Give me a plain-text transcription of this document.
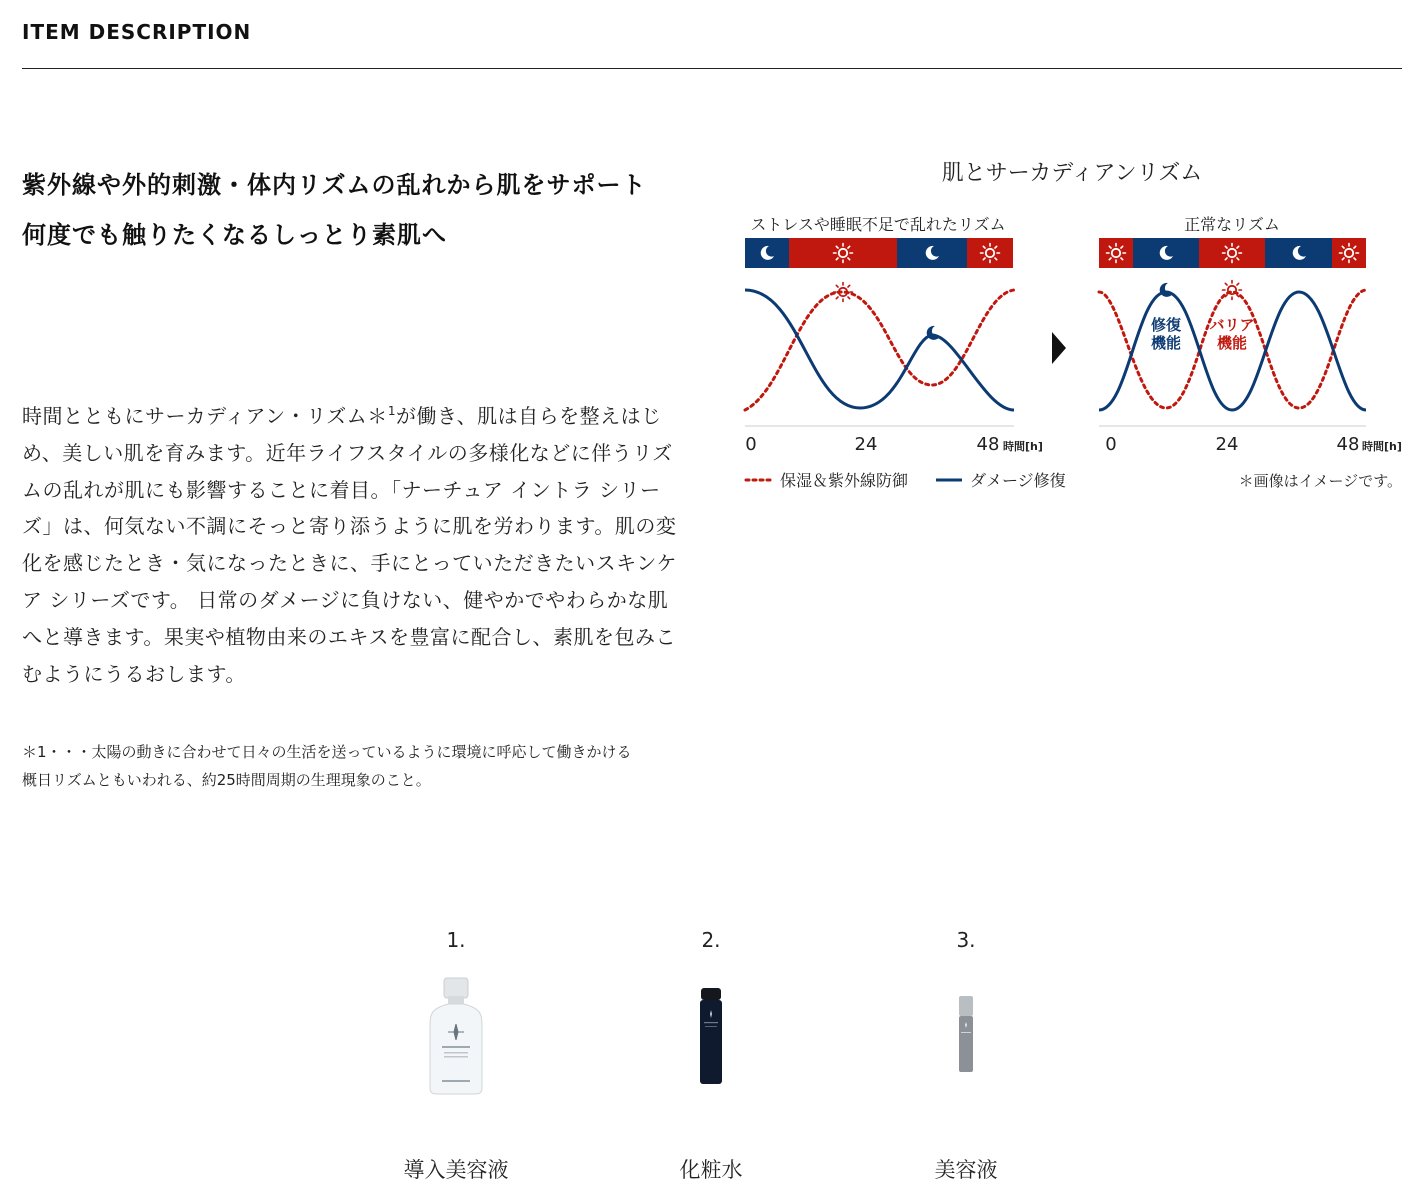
ITEM DESCRIPTION
紫外線や外的刺激・体内リズムの乱れから肌をサポート
何度でも触りたくなるしっとり素肌へ

時間とともにサーカディアン・リズム＊$^1$が働き、肌は自らを整えはじめ、美しい肌を育みます。近年ライフスタイルの多様化などに伴うリズムの乱れが肌にも影響することに着目。「ナーチュア イントラ シリーズ」は、何気ない不調にそっと寄り添うように肌を労わります。肌の変化を感じたとき・気になったときに、手にとっていただきたいスキンケア シリーズです。 日常のダメージに負けない、健やかでやわらかな肌へと導きます。果実や植物由来のエキスを豊富に配合し、素肌を包みこむようにうるおします。

＊1・・・太陽の動きに合わせて日々の生活を送っているように環境に呼応して働きかける
概日リズムともいわれる、約25時間周期の生理現象のこと。

肌とサーカディアンリズム
ストレスや睡眠不足で乱れたリズム
0	24	48 時間[h]
正常なリズム
修復
機能
バリア
機能
0	24	48 時間[h]
保湿＆紫外線防御	ダメージ修復	＊画像はイメージです。
1.
導入美容液
2.
化粧水
3.
美容液
